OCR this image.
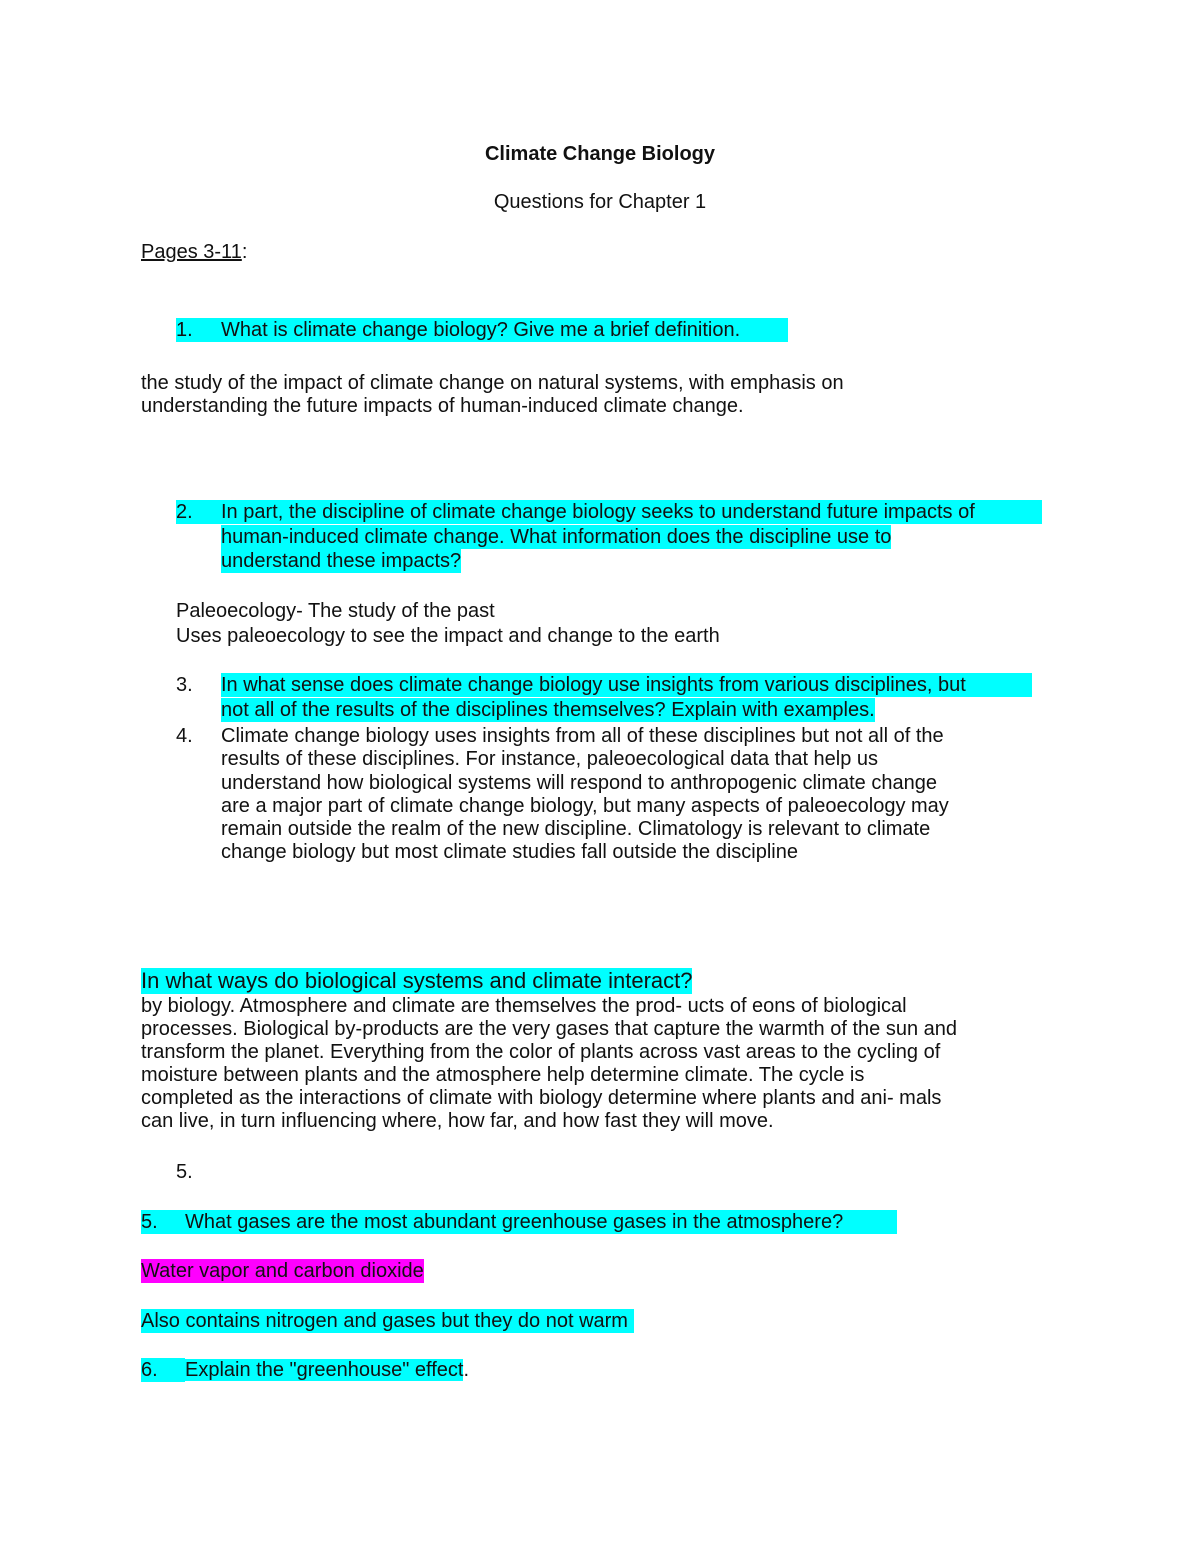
Climate Change Biology
Questions for Chapter 1
Pages 3-11:
1. What is climate change biology? Give me a brief definition.
the study of the impact of climate change on natural systems, with emphasis on
understanding the future impacts of human-induced climate change.
2. In part, the discipline of climate change biology seeks to understand future impacts of
human-induced climate change. What information does the discipline use to
understand these impacts?
Paleoecology- The study of the past
Uses paleoecology to see the impact and change to the earth
3. In what sense does climate change biology use insights from various disciplines, but
not all of the results of the disciplines themselves? Explain with examples.
4. Climate change biology uses insights from all of these disciplines but not all of the
results of these disciplines. For instance, paleoecological data that help us
understand how biological systems will respond to anthropogenic climate change
are a major part of climate change biology, but many aspects of paleoecology may
remain outside the realm of the new discipline. Climatology is relevant to climate
change biology but most climate studies fall outside the discipline
In what ways do biological systems and climate interact?
by biology. Atmosphere and climate are themselves the prod- ucts of eons of biological
processes. Biological by-products are the very gases that capture the warmth of the sun and
transform the planet. Everything from the color of plants across vast areas to the cycling of
moisture between plants and the atmosphere help determine climate. The cycle is
completed as the interactions of climate with biology determine where plants and ani- mals
can live, in turn influencing where, how far, and how fast they will move.
5.
5. What gases are the most abundant greenhouse gases in the atmosphere?
Water vapor and carbon dioxide
Also contains nitrogen and gases but they do not warm
6. Explain the "greenhouse" effect.
